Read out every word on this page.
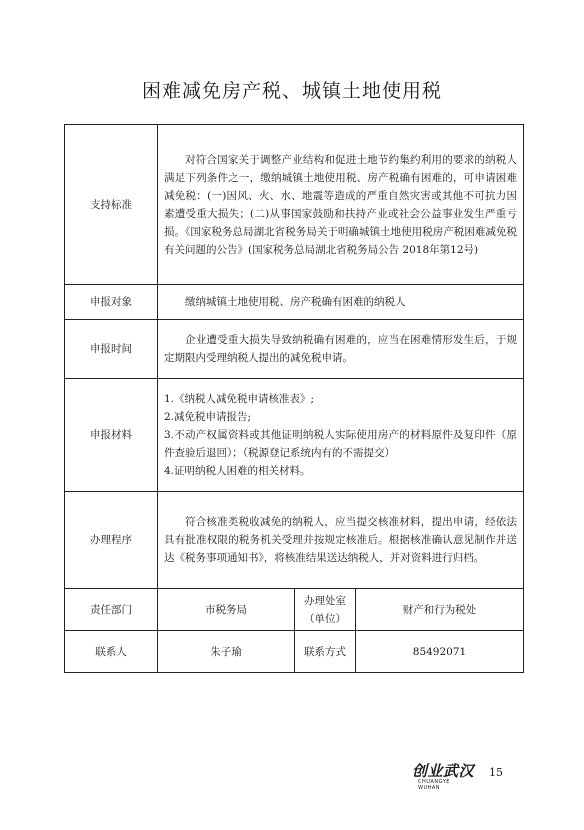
困难减免房产税、城镇土地使用税
支持标准	对符合国家关于调整产业结构和促进土地节约集约利用的要求的纳税人满足下列条件之一，缴纳城镇土地使用税、房产税确有困难的，可申请困难减免税：(一)因风、火、水、地震等造成的严重自然灾害或其他不可抗力因素遭受重大损失；(二)从事国家鼓励和扶持产业或社会公益事业发生严重亏损。《国家税务总局湖北省税务局关于明确城镇土地使用税房产税困难减免税有关问题的公告》(国家税务总局湖北省税务局公告 2018年第12号)		
申报对象	缴纳城镇土地使用税、房产税确有困难的纳税人		
申报时间	企业遭受重大损失导致纳税确有困难的，应当在困难情形发生后，于规定期限内受理纳税人提出的减免税申请。		
申报材料	1.《纳税人减免税申请核准表》;
2.减免税申请报告;
3.不动产权属资料或其他证明纳税人实际使用房产的材料原件及复印件（原件查验后退回）；（税源登记系统内有的不需提交）
4.证明纳税人困难的相关材料。		

办理程序	符合核准类税收减免的纳税人，应当提交核准材料，提出申请，经依法具有批准权限的税务机关受理并按规定核准后。根据核准确认意见制作并送达《税务事项通知书》，将核准结果送达纳税人，并对资料进行归档。		
责任部门	市税务局	办理处室（单位）	财产和行为税处
联系人	朱子瑜	联系方式	85492071
创业武汉
CHUANGYE WUHAN
15
